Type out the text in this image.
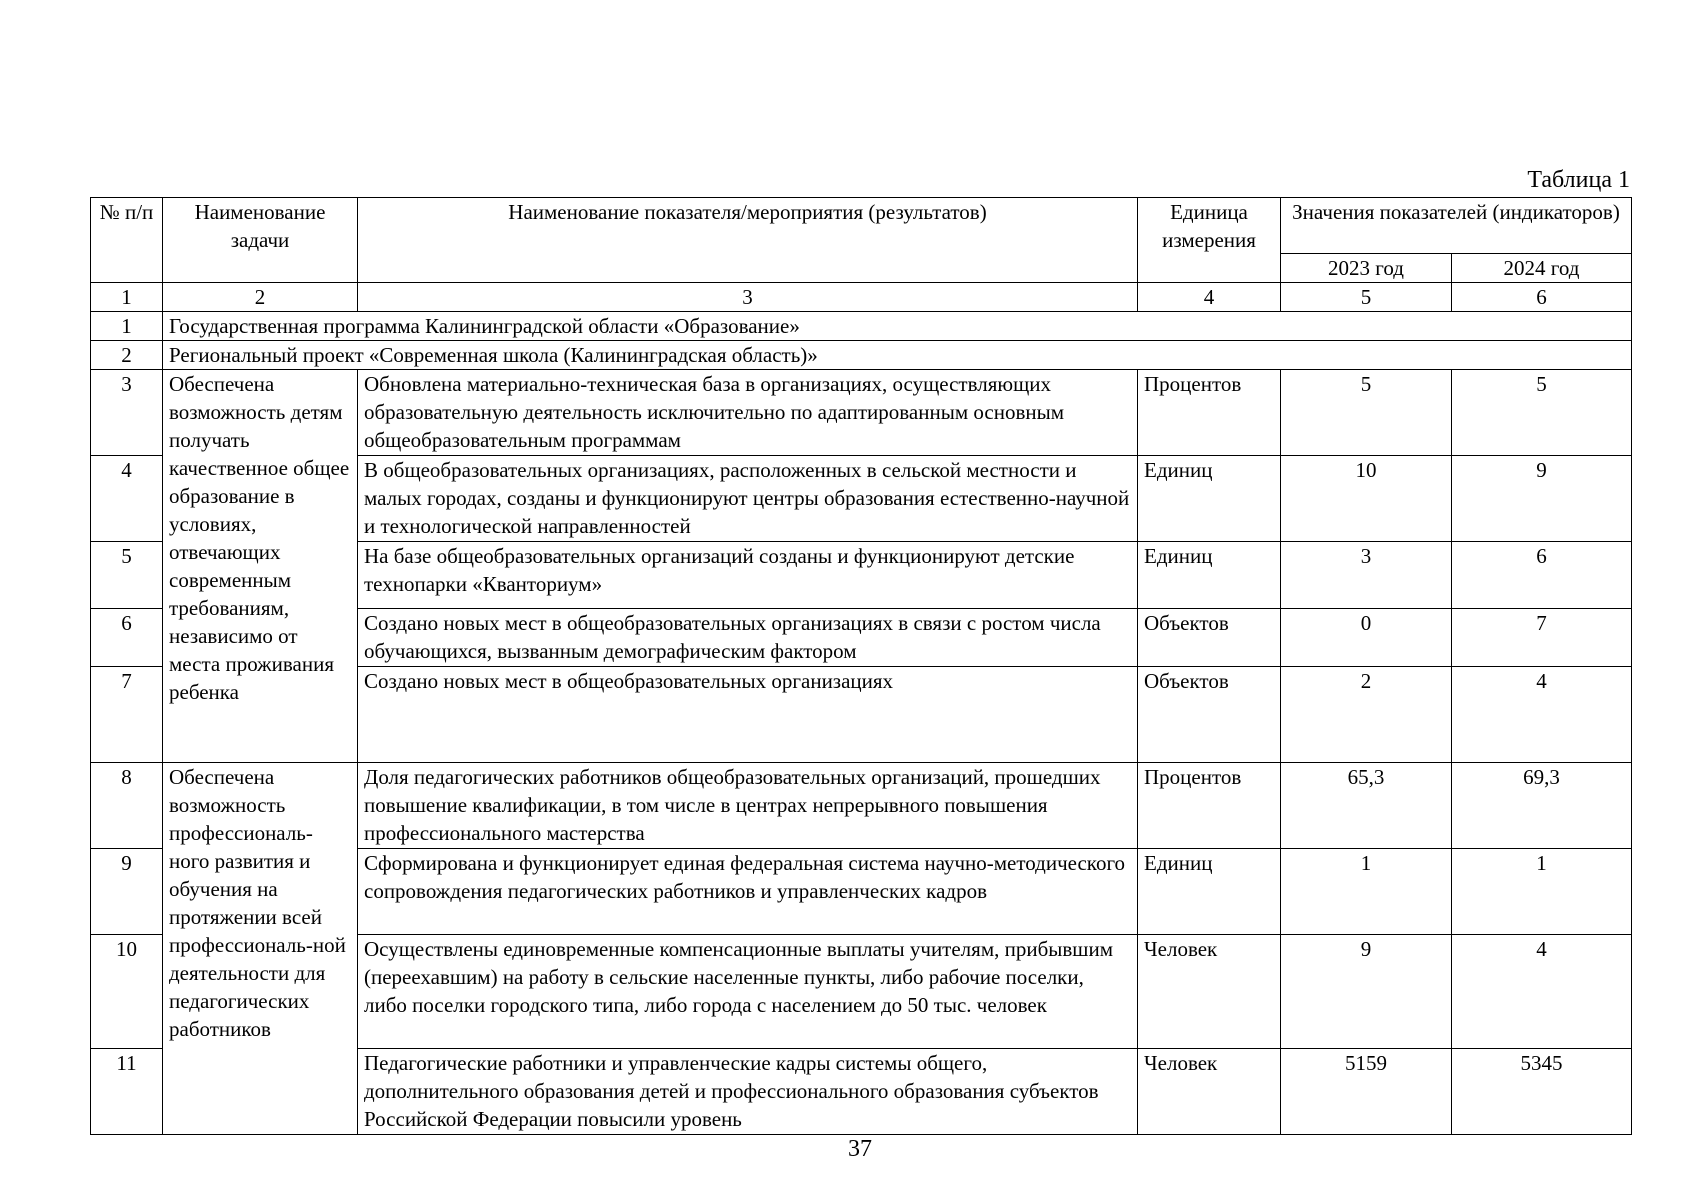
Таблица 1
№ п/п	Наименование задачи	Наименование показателя/мероприятия (результатов)	Единица измерения	Значения показателей (индикаторов)	
				2023 год	2024 год
1	2	3	4	5	6
1	Государственная программа Калининградской области «Образование»				
2	Региональный проект «Современная школа (Калининградская область)»				
3	Обеспечена возможность детям получать качественное общее образование в условиях, отвечающих современным требованиям, независимо от места проживания ребенка	Обновлена материально-техническая база в организациях, осуществляющих образовательную деятельность исключительно по адаптированным основным общеобразовательным программам	Процентов	5	5
4		В общеобразовательных организациях, расположенных в сельской местности и малых городах, созданы и функционируют центры образования естественно-научной и технологической направленностей	Единиц	10	9
5		На базе общеобразовательных организаций созданы и функционируют детские технопарки «Кванториум»	Единиц	3	6
6		Создано новых мест в общеобразовательных организациях в связи с ростом числа обучающихся, вызванным демографическим фактором	Объектов	0	7
7		Создано новых мест в общеобразовательных организациях	Объектов	2	4
8	Обеспечена возможность профессиональ-ного развития и обучения на протяжении всей профессиональ-ной деятельности для педагогических работников	Доля педагогических работников общеобразовательных организаций, прошедших повышение квалификации, в том числе в центрах непрерывного повышения профессионального мастерства	Процентов	65,3	69,3
9		Сформирована и функционирует единая федеральная система научно-методического сопровождения педагогических работников и управленческих кадров	Единиц	1	1
10		Осуществлены единовременные компенсационные выплаты учителям, прибывшим (переехавшим) на работу в сельские населенные пункты, либо рабочие поселки, либо поселки городского типа, либо города с населением до 50 тыс. человек	Человек	9	4
11		Педагогические работники и управленческие кадры системы общего, дополнительного образования детей и профессионального образования субъектов Российской Федерации повысили уровень	Человек	5159	5345
37
